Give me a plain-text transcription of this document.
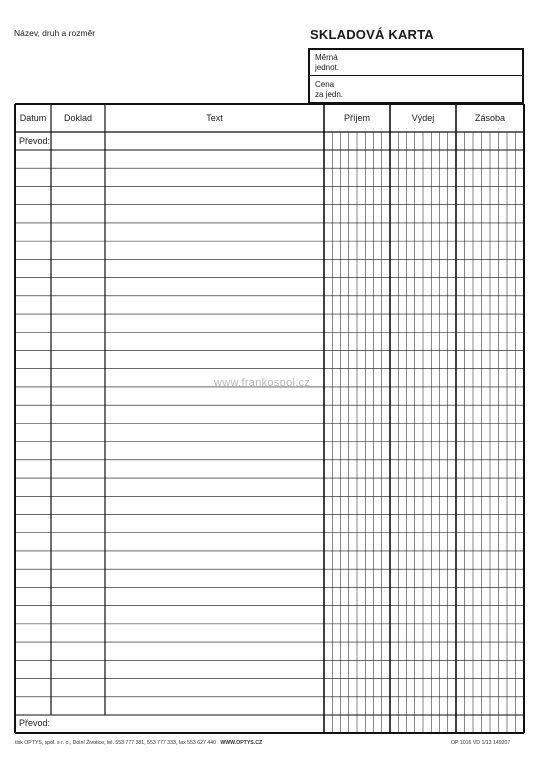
Název, druh a rozměr	SKLADOVÁ KARTA
Měrná
jednot.
Cena
za jedn.
Datum	Doklad	Text	Příjem	Výdej	Zásoba
Převod:
Převod:
www.frankospol.cz
tisk OPTYS, spol. s r. o., Dolní Životice, tel. 553 777 381, 553 777 333, fax 553 627 440 WWW.OPTYS.CZ	OP 1016 VD 1/13 149207
